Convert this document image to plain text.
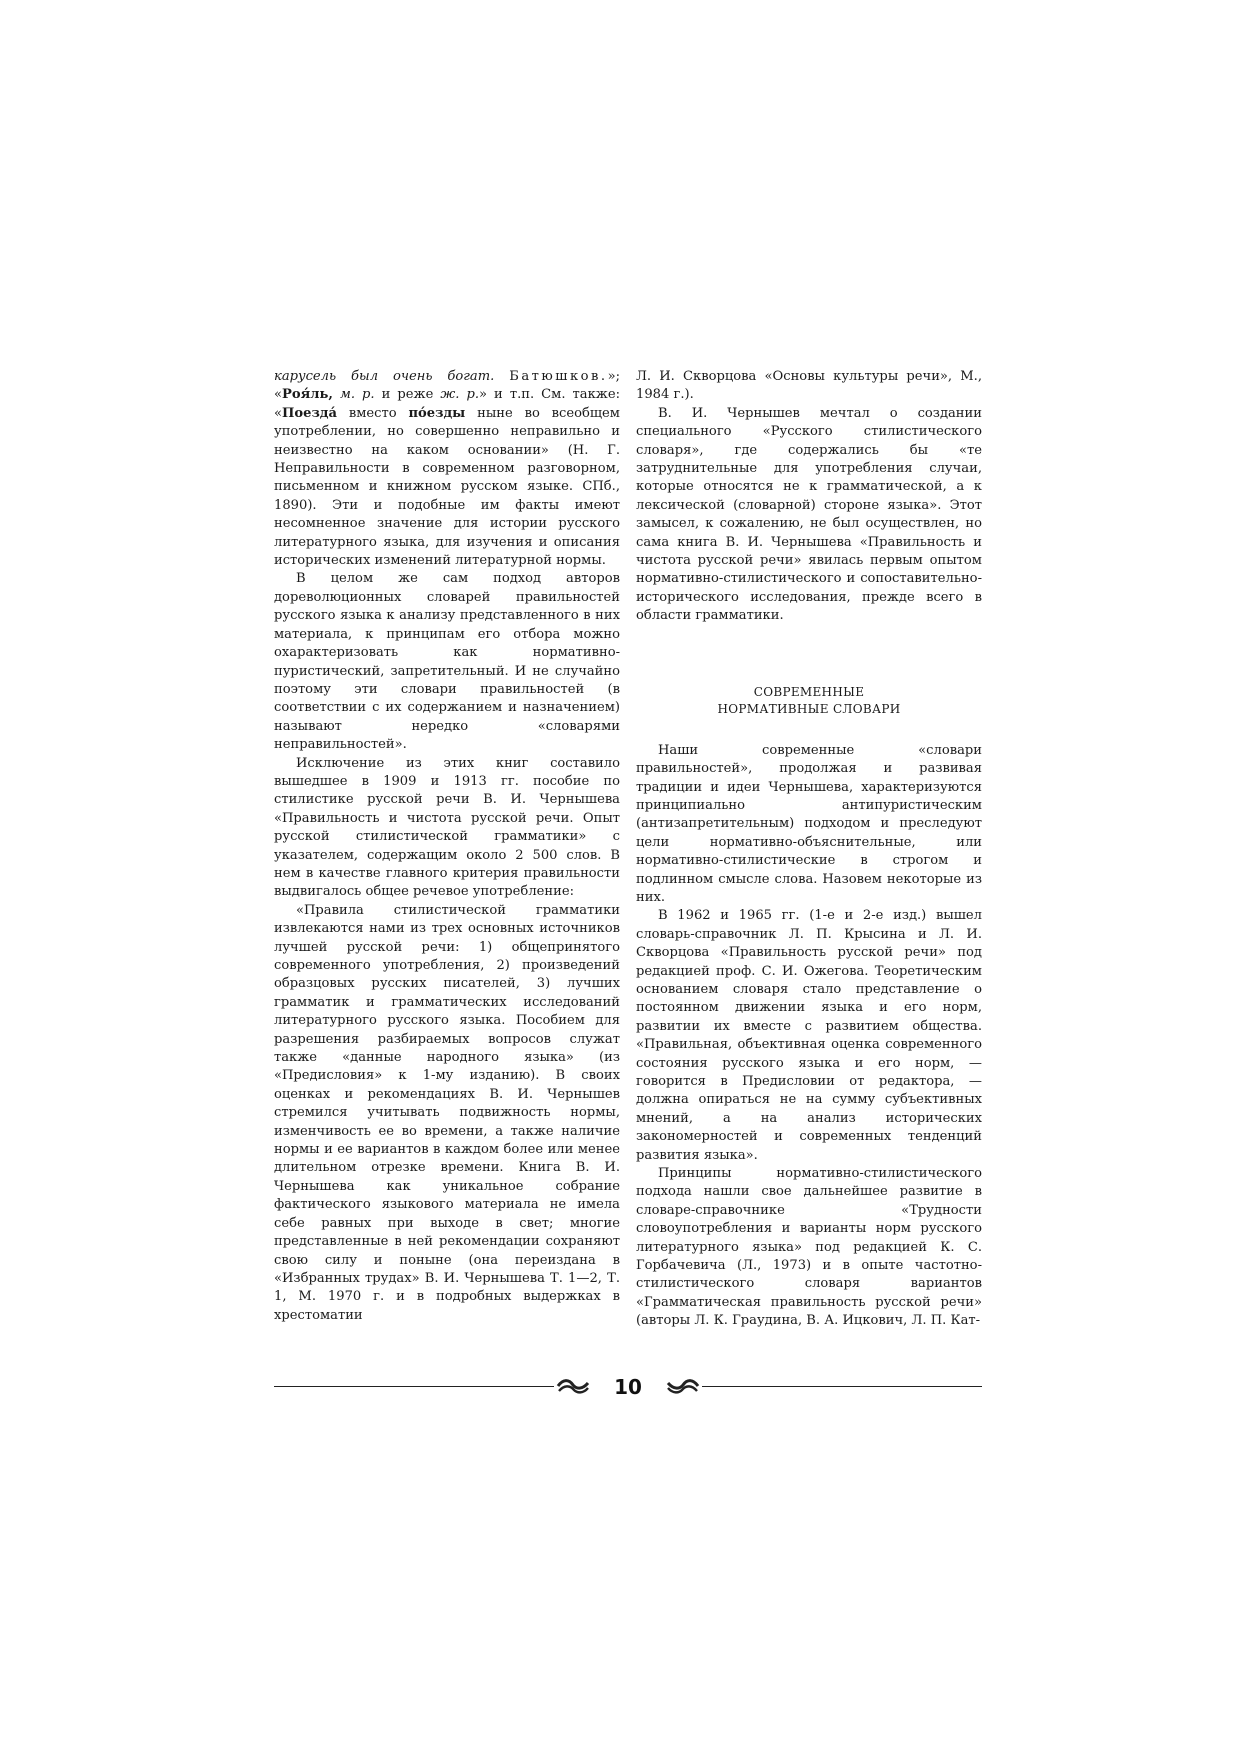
карусель был очень богат. Батюшков.»; «Роя́ль, м. р. и реже ж. р.» и т.п. См. также: «Поезда́ вместо по́езды ныне во всеобщем употреблении, но совершенно неправильно и неизвестно на каком основании» (Н. Г. Неправильности в современном разговорном, письменном и книжном русском языке. СПб., 1890). Эти и подобные им факты имеют несомненное значение для истории русского литературного языка, для изучения и описания исторических изменений литературной нормы.

В целом же сам подход авторов дореволюционных словарей правильностей русского языка к анализу представленного в них материала, к принципам его отбора можно охарактеризовать как нормативно-пуристический, запретительный. И не случайно поэтому эти словари правильностей (в соответствии с их содержанием и назначением) называют нередко «словарями неправильностей».

Исключение из этих книг составило вышедшее в 1909 и 1913 гг. пособие по стилистике русской речи В. И. Чернышева «Правильность и чистота русской речи. Опыт русской стилистической грамматики» с указателем, содержащим около 2 500 слов. В нем в качестве главного критерия правильности выдвигалось общее речевое употребление:

«Правила стилистической грамматики извлекаются нами из трех основных источников лучшей русской речи: 1) общепринятого современного употребления, 2) произведений образцовых русских писателей, 3) лучших грамматик и грамматических исследований литературного русского языка. Пособием для разрешения разбираемых вопросов служат также «данные народного языка» (из «Предисловия» к 1-му изданию). В своих оценках и рекомендациях В. И. Чернышев стремился учитывать подвижность нормы, изменчивость ее во времени, а также наличие нормы и ее вариантов в каждом более или менее длительном отрезке времени. Книга В. И. Чернышева как уникальное собрание фактического языкового материала не имела себе равных при выходе в свет; многие представленные в ней рекомендации сохраняют свою силу и поныне (она переиздана в «Избранных трудах» В. И. Чернышева Т. 1—2, Т. 1, М. 1970 г. и в подробных выдержках в хрестоматии

Л. И. Скворцова «Основы культуры речи», М., 1984 г.).

В. И. Чернышев мечтал о создании специального «Русского стилистического словаря», где содержались бы «те затруднительные для употребления случаи, которые относятся не к грамматической, а к лексической (словарной) стороне языка». Этот замысел, к сожалению, не был осуществлен, но сама книга В. И. Чернышева «Правильность и чистота русской речи» явилась первым опытом нормативно-стилистического и сопоставительно-исторического исследования, прежде всего в области грамматики.

СОВРЕМЕННЫЕ
НОРМАТИВНЫЕ СЛОВАРИ

Наши современные «словари правильностей», продолжая и развивая традиции и идеи Чернышева, характеризуются принципиально антипуристическим (антизапретительным) подходом и преследуют цели нормативно-объяснительные, или нормативно-стилистические в строгом и подлинном смысле слова. Назовем некоторые из них.

В 1962 и 1965 гг. (1-е и 2-е изд.) вышел словарь-справочник Л. П. Крысина и Л. И. Скворцова «Правильность русской речи» под редакцией проф. С. И. Ожегова. Теоретическим основанием словаря стало представление о постоянном движении языка и его норм, развитии их вместе с развитием общества. «Правильная, объективная оценка современного состояния русского языка и его норм, — говорится в Предисловии от редактора, — должна опираться не на сумму субъективных мнений, а на анализ исторических закономерностей и современных тенденций развития языка».

Принципы нормативно-стилистического подхода нашли свое дальнейшее развитие в словаре-справочнике «Трудности словоупотребления и варианты норм русского литературного языка» под редакцией К. С. Горбачевича (Л., 1973) и в опыте частотно-стилистического словаря вариантов «Грамматическая правильность русской речи» (авторы Л. К. Граудина, В. А. Ицкович, Л. П. Кат-

10
